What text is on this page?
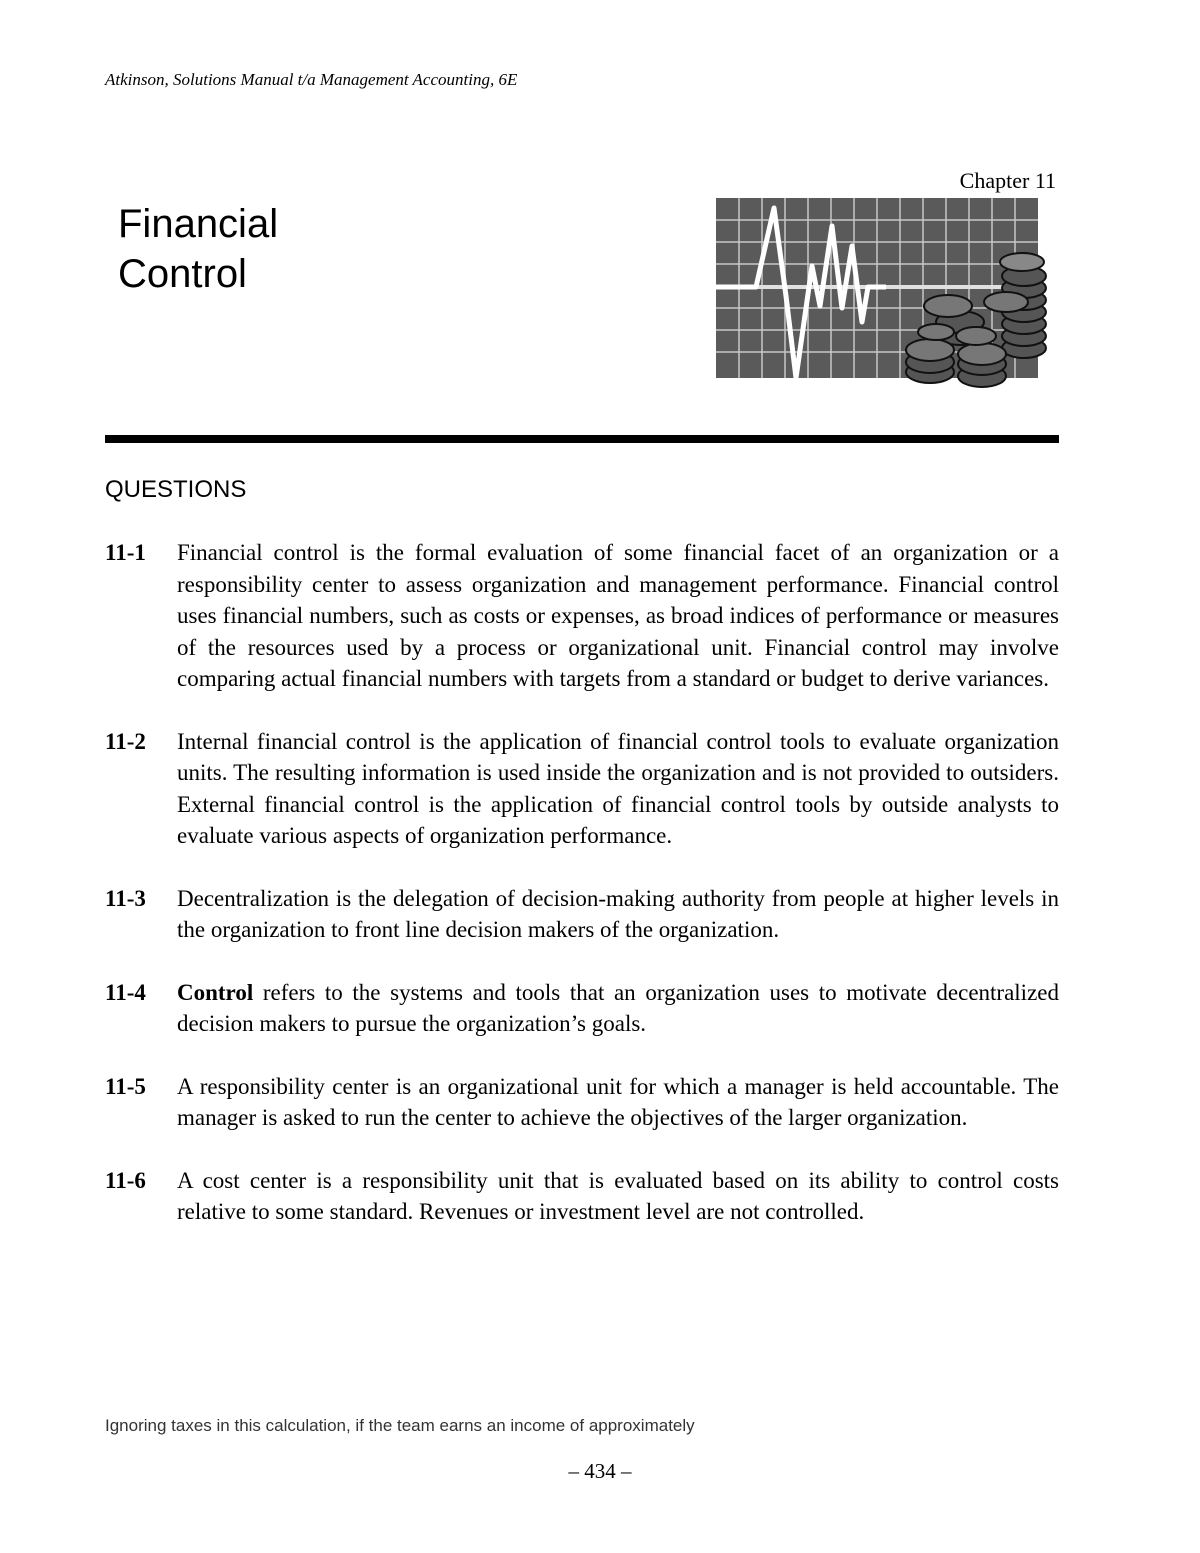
Atkinson, Solutions Manual t/a Management Accounting, 6E
Chapter 11
Financial
Control
QUESTIONS
11-1	Financial control is the formal evaluation of some financial facet of an organization or a responsibility center to assess organization and management performance. Financial control uses financial numbers, such as costs or expenses, as broad indices of performance or measures of the resources used by a process or organizational unit. Financial control may involve comparing actual financial numbers with targets from a standard or budget to derive variances.
11-2	Internal financial control is the application of financial control tools to evaluate organization units. The resulting information is used inside the organization and is not provided to outsiders. External financial control is the application of financial control tools by outside analysts to evaluate various aspects of organization performance.
11-3	Decentralization is the delegation of decision-making authority from people at higher levels in the organization to front line decision makers of the organization.
11-4	Control refers to the systems and tools that an organization uses to motivate decentralized decision makers to pursue the organization’s goals.
11-5	A responsibility center is an organizational unit for which a manager is held accountable. The manager is asked to run the center to achieve the objectives of the larger organization.
11-6	A cost center is a responsibility unit that is evaluated based on its ability to control costs relative to some standard. Revenues or investment level are not controlled.
Ignoring taxes in this calculation, if the team earns an income of approximately
– 434 –
